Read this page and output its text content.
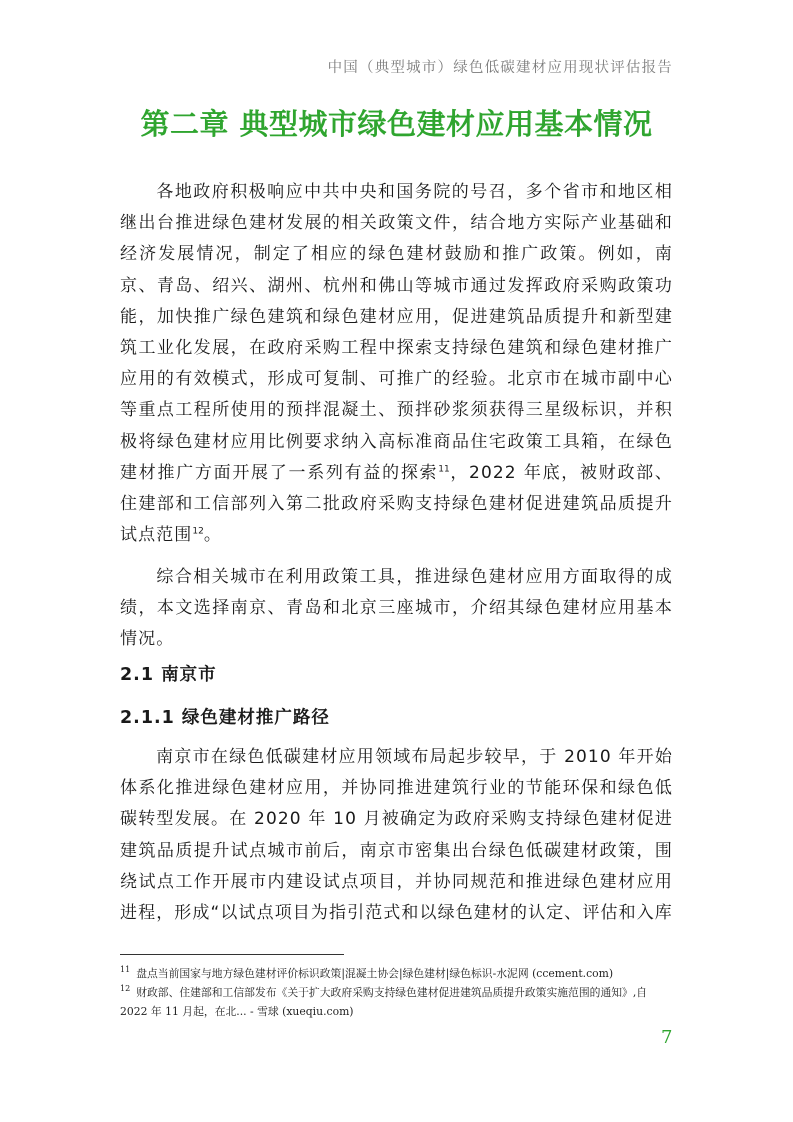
中国（典型城市）绿色低碳建材应用现状评估报告
第二章 典型城市绿色建材应用基本情况
各地政府积极响应中共中央和国务院的号召，多个省市和地区相继出台推进绿色建材发展的相关政策文件，结合地方实际产业基础和经济发展情况，制定了相应的绿色建材鼓励和推广政策。例如，南京、青岛、绍兴、湖州、杭州和佛山等城市通过发挥政府采购政策功能，加快推广绿色建筑和绿色建材应用，促进建筑品质提升和新型建筑工业化发展，在政府采购工程中探索支持绿色建筑和绿色建材推广应用的有效模式，形成可复制、可推广的经验。北京市在城市副中心等重点工程所使用的预拌混凝土、预拌砂浆须获得三星级标识，并积极将绿色建材应用比例要求纳入高标准商品住宅政策工具箱，在绿色建材推广方面开展了一系列有益的探索$^{11}$，2022 年底，被财政部、住建部和工信部列入第二批政府采购支持绿色建材促进建筑品质提升试点范围$^{12}$。
综合相关城市在利用政策工具，推进绿色建材应用方面取得的成绩，本文选择南京、青岛和北京三座城市，介绍其绿色建材应用基本情况。
2.1 南京市
2.1.1 绿色建材推广路径
南京市在绿色低碳建材应用领域布局起步较早，于 2010 年开始体系化推进绿色建材应用，并协同推进建筑行业的节能环保和绿色低碳转型发展。在 2020 年 10 月被确定为政府采购支持绿色建材促进建筑品质提升试点城市前后，南京市密集出台绿色低碳建材政策，围绕试点工作开展市内建设试点项目，并协同规范和推进绿色建材应用进程，形成“以试点项目为指引范式和以绿色建材的认定、评估和入库
$^{11}$ 盘点当前国家与地方绿色建材评价标识政策|混凝土协会|绿色建材|绿色标识-水泥网 (ccement.com)
$^{12}$ 财政部、住建部和工信部发布《关于扩大政府采购支持绿色建材促进建筑品质提升政策实施范围的通知》,自 2022 年 11 月起，在北... - 雪球 (xueqiu.com)
7
